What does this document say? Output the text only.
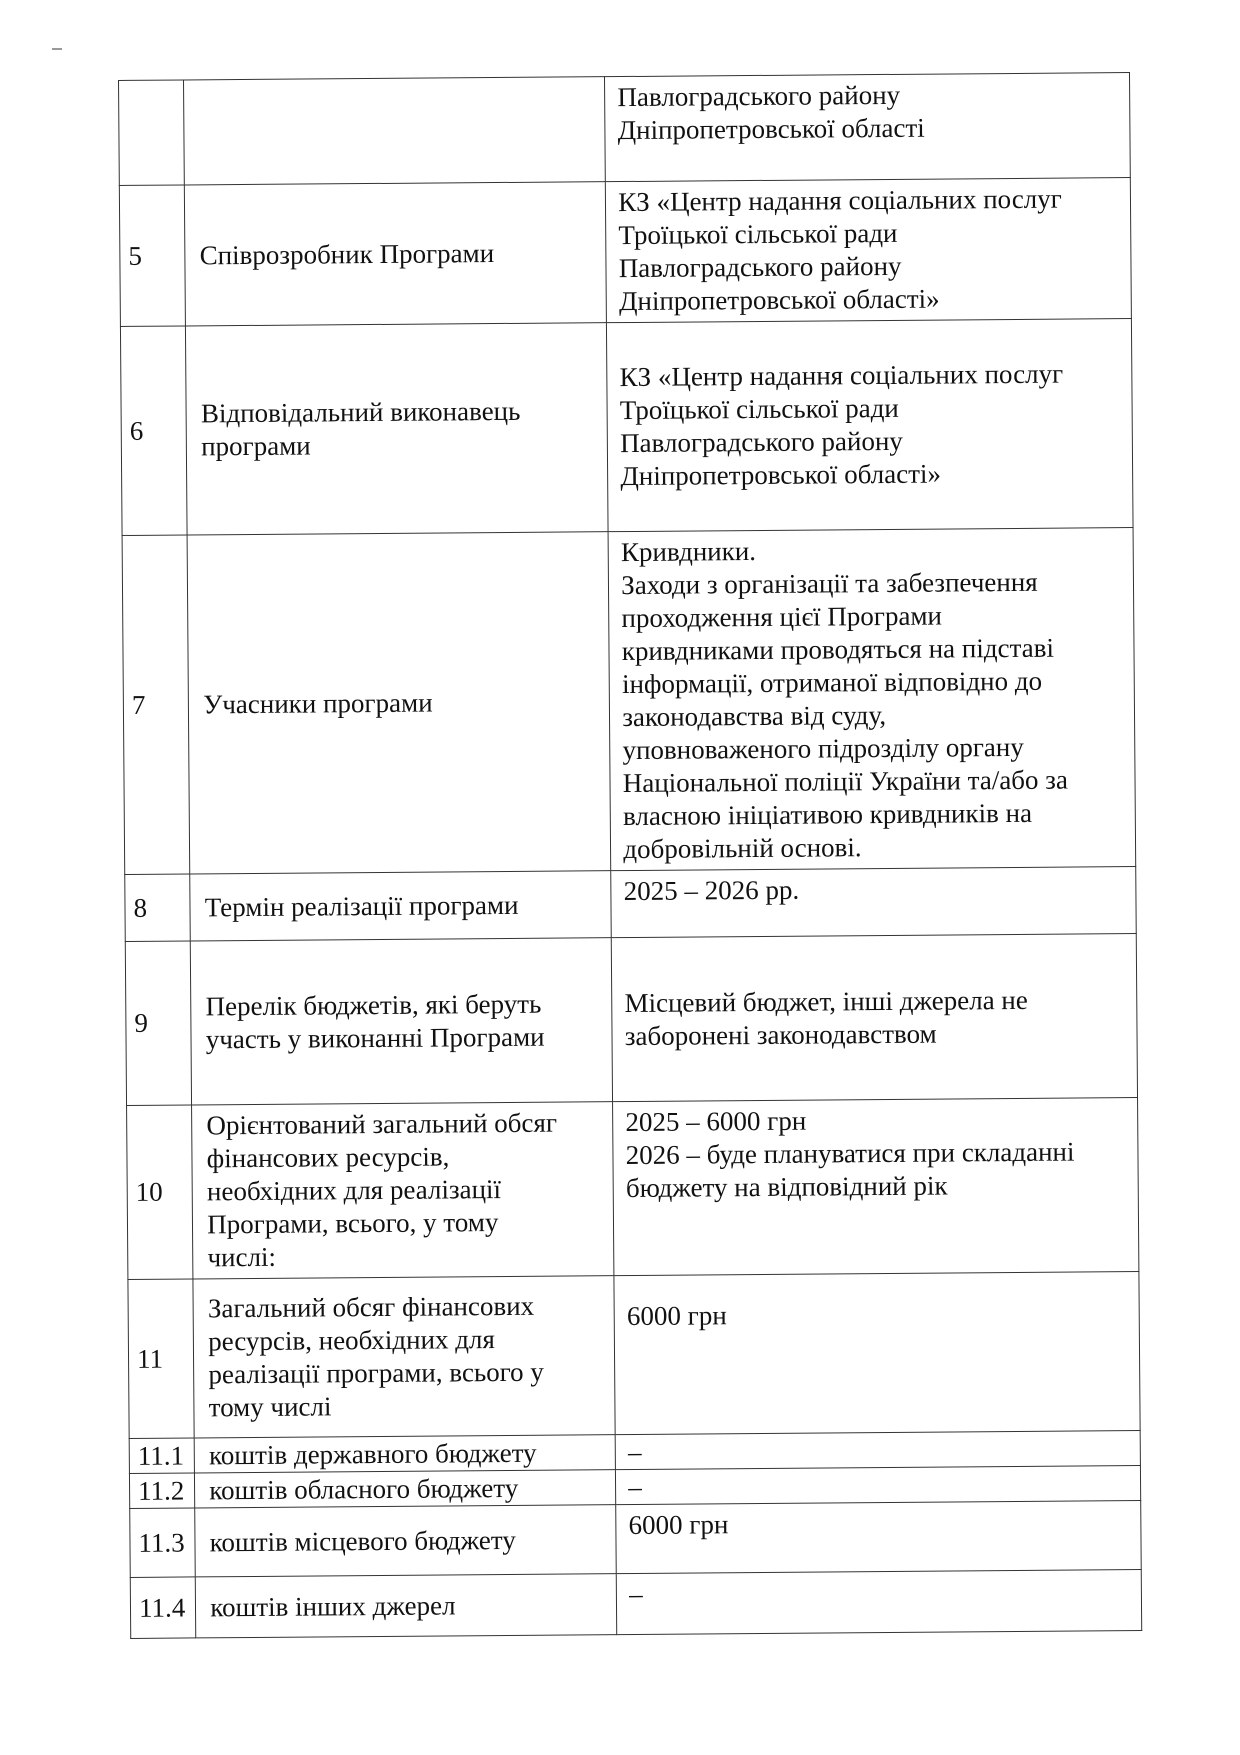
		Павлоградського району
Дніпропетровської області
5	Співрозробник Програми	КЗ «Центр надання соціальних послуг
Троїцької сільської ради
Павлоградського району
Дніпропетровської області»
6	Відповідальний виконавець
програми	КЗ «Центр надання соціальних послуг
Троїцької сільської ради
Павлоградського району
Дніпропетровської області»
7	Учасники програми	Кривдники.
Заходи з організації та забезпечення
проходження цієї Програми
кривдниками проводяться на підставі
інформації, отриманої відповідно до
законодавства від суду,
уповноваженого підрозділу органу
Національної поліції України та/або за
власною ініціативою кривдників на
добровільній основі.
8	Термін реалізації програми	2025 – 2026 рр.
9	Перелік бюджетів, які беруть
участь у виконанні Програми	Місцевий бюджет, інші джерела не
заборонені законодавством
10	Орієнтований загальний обсяг
фінансових ресурсів,
необхідних для реалізації
Програми, всього, у тому
числі:	2025 – 6000 грн
2026 – буде плануватися при складанні
бюджету на відповідний рік
11	Загальний обсяг фінансових
ресурсів, необхідних для
реалізації програми, всього у
тому числі	6000 грн
11.1	коштів державного бюджету	–
11.2	коштів обласного бюджету	–
11.3	коштів місцевого бюджету	6000 грн
11.4	коштів інших джерел	–
